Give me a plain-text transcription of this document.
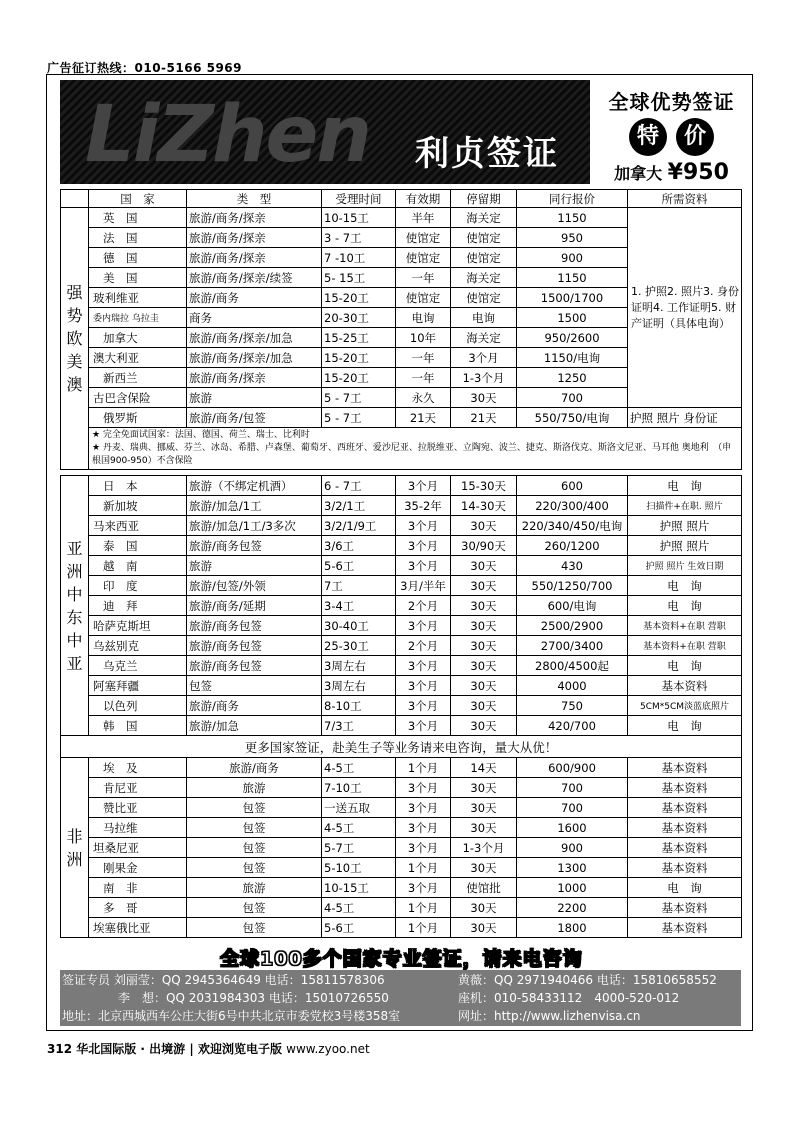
广告征订热线：010-5166 5969
LiZhen 利贞签证
全球优势签证
特 价
加拿大 ¥950
	国　家	类　型	受理时间	有效期	停留期	同行报价	所需资料
强势欧美澳	英　国	旅游/商务/探亲	10-15工	半年	海关定	1150	1. 护照2. 照片3. 身份证明4. 工作证明5. 财产证明（具体电询）
	法　国	旅游/商务/探亲	3 - 7工	使馆定	使馆定	950	
	德　国	旅游/商务/探亲	7 -10工	使馆定	使馆定	900	
	美　国	旅游/商务/探亲/续签	5- 15工	一年	海关定	1150	
	玻利维亚	旅游/商务	15-20工	使馆定	使馆定	1500/1700	
	委内瑞拉 乌拉圭	商务	20-30工	电询	电询	1500	
	加拿大	旅游/商务/探亲/加急	15-25工	10年	海关定	950/2600	
	澳大利亚	旅游/商务/探亲/加急	15-20工	一年	3个月	1150/电询	
	新西兰	旅游/商务/探亲	15-20工	一年	1-3个月	1250	
	古巴含保险	旅游	5 - 7工	永久	30天	700	
	俄罗斯	旅游/商务/包签	5 - 7工	21天	21天	550/750/电询	护照 照片 身份证

	★ 完全免面试国家：法国、德国、荷兰、瑞士、比利时
★ 丹麦、瑞典、挪威、芬兰、冰岛、希腊、卢森堡、葡萄牙、西班牙、爱沙尼亚、拉脱维亚、立陶宛、波兰、捷克、斯洛伐克、斯洛文尼亚、马耳他 奥地利　（申根国900-950）不含保险						
亚洲中东中亚	日　本	旅游（不绑定机酒）	6 - 7工	3个月	15-30天	600	电　询
	新加坡	旅游/加急/1工	3/2/1工	35-2年	14-30天	220/300/400	扫描件+在职. 照片
	马来西亚	旅游/加急/1工/3多次	3/2/1/9工	3个月	30天	220/340/450/电询	护照 照片
	泰　国	旅游/商务包签	3/6工	3个月	30/90天	260/1200	护照 照片
	越　南	旅游	5-6工	3个月	30天	430	护照 照片 生效日期
	印　度	旅游/包签/外领	7工	3月/半年	30天	550/1250/700	电　询
	迪　拜	旅游/商务/延期	3-4工	2个月	30天	600/电询	电　询
	哈萨克斯坦	旅游/商务包签	30-40工	3个月	30天	2500/2900	基本资料+在职 营职
	乌兹别克	旅游/商务包签	25-30工	2个月	30天	2700/3400	基本资料+在职 营职
	乌克兰	旅游/商务包签	3周左右	3个月	30天	2800/4500起	电　询
	阿塞拜疆	包签	3周左右	3个月	30天	4000	基本资料
	以色列	旅游/商务	8-10工	3个月	30天	750	5CM*5CM淡蓝底照片
	韩　国	旅游/加急	7/3工	3个月	30天	420/700	电　询
更多国家签证，赴美生子等业务请来电咨询，量大从优！							
非洲	埃　及	旅游/商务	4-5工	1个月	14天	600/900	基本资料
	肯尼亚	旅游	7-10工	3个月	30天	700	基本资料
	赞比亚	包签	一送五取	3个月	30天	700	基本资料
	马拉维	包签	4-5工	3个月	30天	1600	基本资料
	坦桑尼亚	包签	5-7工	3个月	1-3个月	900	基本资料
	刚果金	包签	5-10工	1个月	30天	1300	基本资料
	南　非	旅游	10-15工	3个月	使馆批	1000	电　询
	多　哥	包签	4-5工	1个月	30天	2200	基本资料
	埃塞俄比亚	包签	5-6工	1个月	30天	1800	基本资料
全球100多个国家专业签证，请来电咨询
签证专员 刘丽莹：QQ 2945364649 电话：15811578306	黄薇：QQ 2971940466 电话：15810658552
李　想：QQ 2031984303 电话：15010726550	座机：010-58433112　4000-520-012
地址：北京西城西车公庄大街6号中共北京市委党校3号楼358室	网址：http://www.lizhenvisa.cn
312 华北国际版 · 出境游 | 欢迎浏览电子版 www.zyoo.net
